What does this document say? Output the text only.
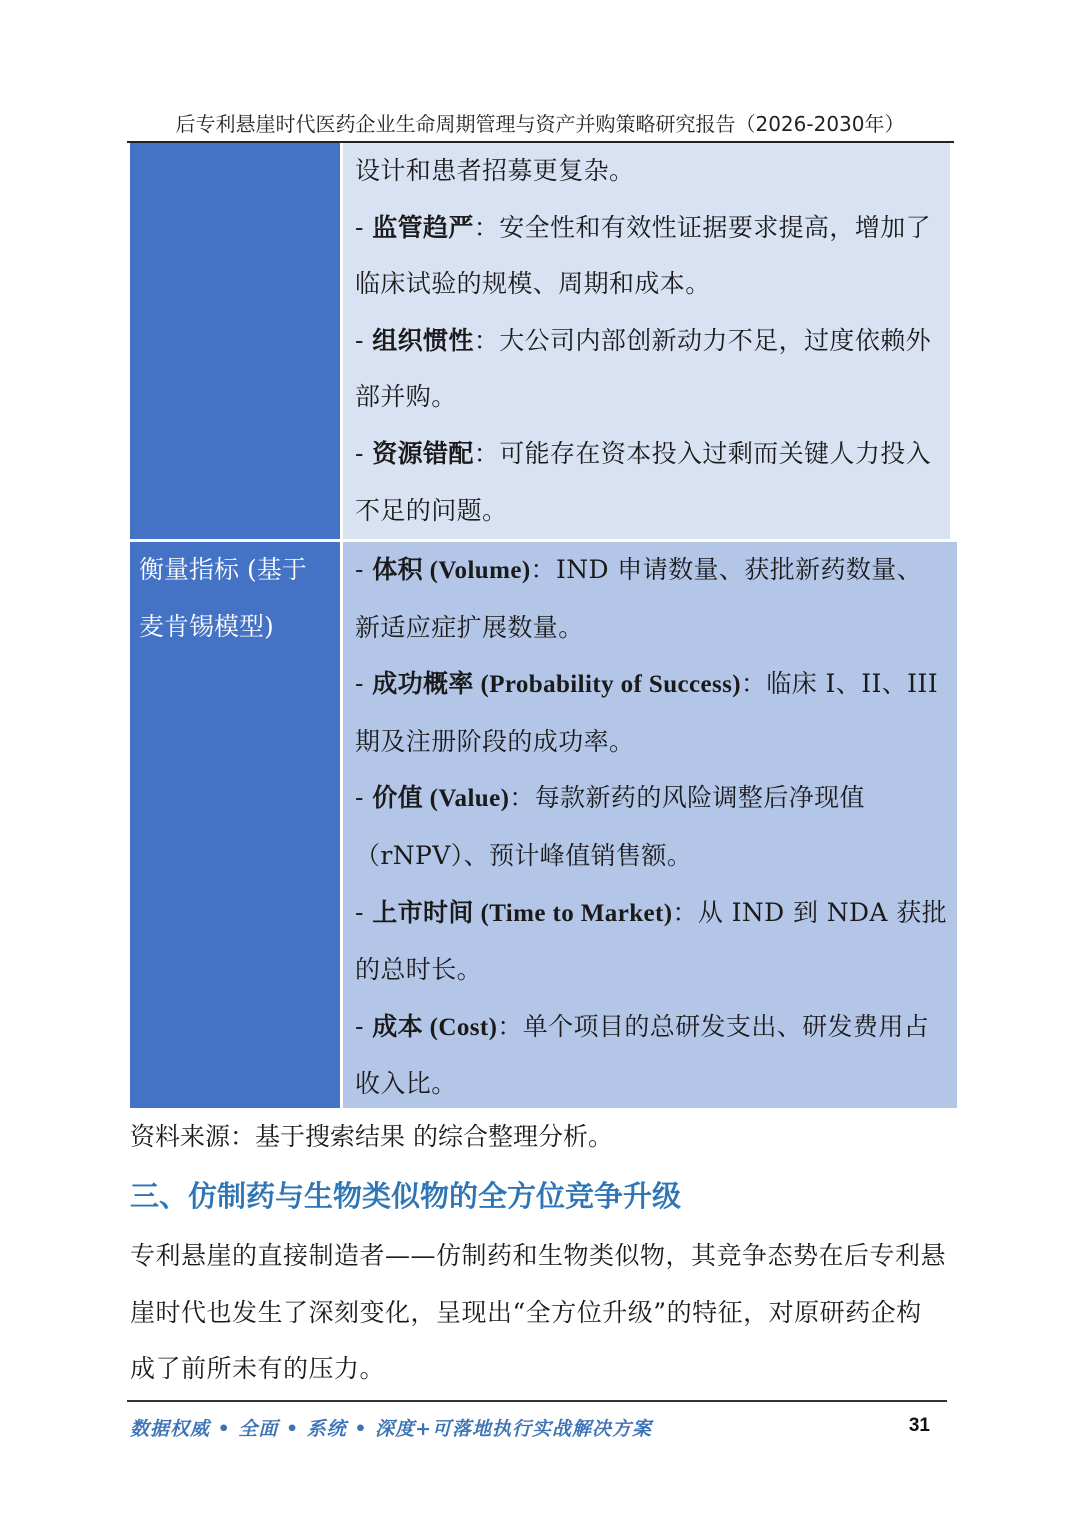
后专利悬崖时代医药企业生命周期管理与资产并购策略研究报告（2026-2030年）
设计和患者招募更复杂。
- 监管趋严：安全性和有效性证据要求提高，增加了
临床试验的规模、周期和成本。
- 组织惯性：大公司内部创新动力不足，过度依赖外
部并购。
- 资源错配：可能存在资本投入过剩而关键人力投入
不足的问题。
衡量指标 (基于
麦肯锡模型)
- 体积 (Volume)：IND 申请数量、获批新药数量、
新适应症扩展数量。
- 成功概率 (Probability of Success)：临床 I、II、III
期及注册阶段的成功率。
- 价值 (Value)：每款新药的风险调整后净现值
（rNPV）、预计峰值销售额。
- 上市时间 (Time to Market)：从 IND 到 NDA 获批
的总时长。
- 成本 (Cost)：单个项目的总研发支出、研发费用占
收入比。
资料来源：基于搜索结果 的综合整理分析。
三、仿制药与生物类似物的全方位竞争升级
专利悬崖的直接制造者——仿制药和生物类似物，其竞争态势在后专利悬
崖时代也发生了深刻变化，呈现出“全方位升级”的特征，对原研药企构
成了前所未有的压力。
数据权威 • 全面 • 系统 • 深度+可落地执行实战解决方案	31
